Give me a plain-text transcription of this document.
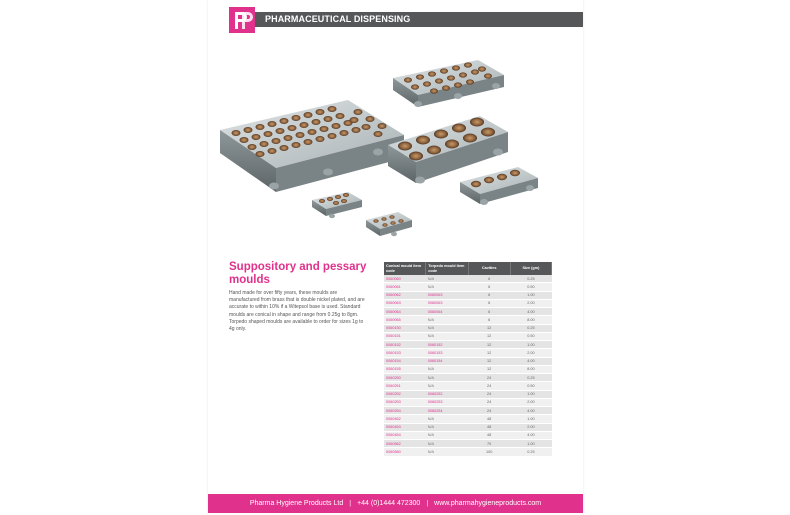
PHARMACEUTICAL DISPENSING
Suppository and pessary moulds
Hand made for over fifty years, these moulds are manufactured from brass that is double nickel plated, and are accurate to within 10% if a Witepsol base is used. Standard moulds are conical in shape and range from 0.25g to 8gm. Torpedo shaped moulds are available to order for sizes 1g to 4g only.
Conical mould item code	Torpedo mould item code	Cavities	Size (gm)
0060060	N/A	6	0.25
0060061	N/A	6	0.50
0060062	0060063	6	1.00
0060063	0060063	6	2.00
0060064	0060064	6	4.00
0060065	N/A	6	8.00
0060150	N/A	12	0.25
0060151	N/A	12	0.50
0060152	0060152	12	1.00
0060153	0060153	12	2.00
0060154	0060154	12	4.00
0060155	N/A	12	8.00
0060250	N/A	24	0.25
0060251	N/A	24	0.50
0060252	0060252	24	1.00
0060253	0060253	24	2.00
0060254	0060254	24	4.00
0060452	N/A	48	1.00
0060453	N/A	48	2.00
0060454	N/A	48	4.00
0060562	N/A	70	1.00
0060580	N/A	100	0.25
Pharma Hygiene Products Ltd | +44 (0)1444 472300 | www.pharmahygieneproducts.com
